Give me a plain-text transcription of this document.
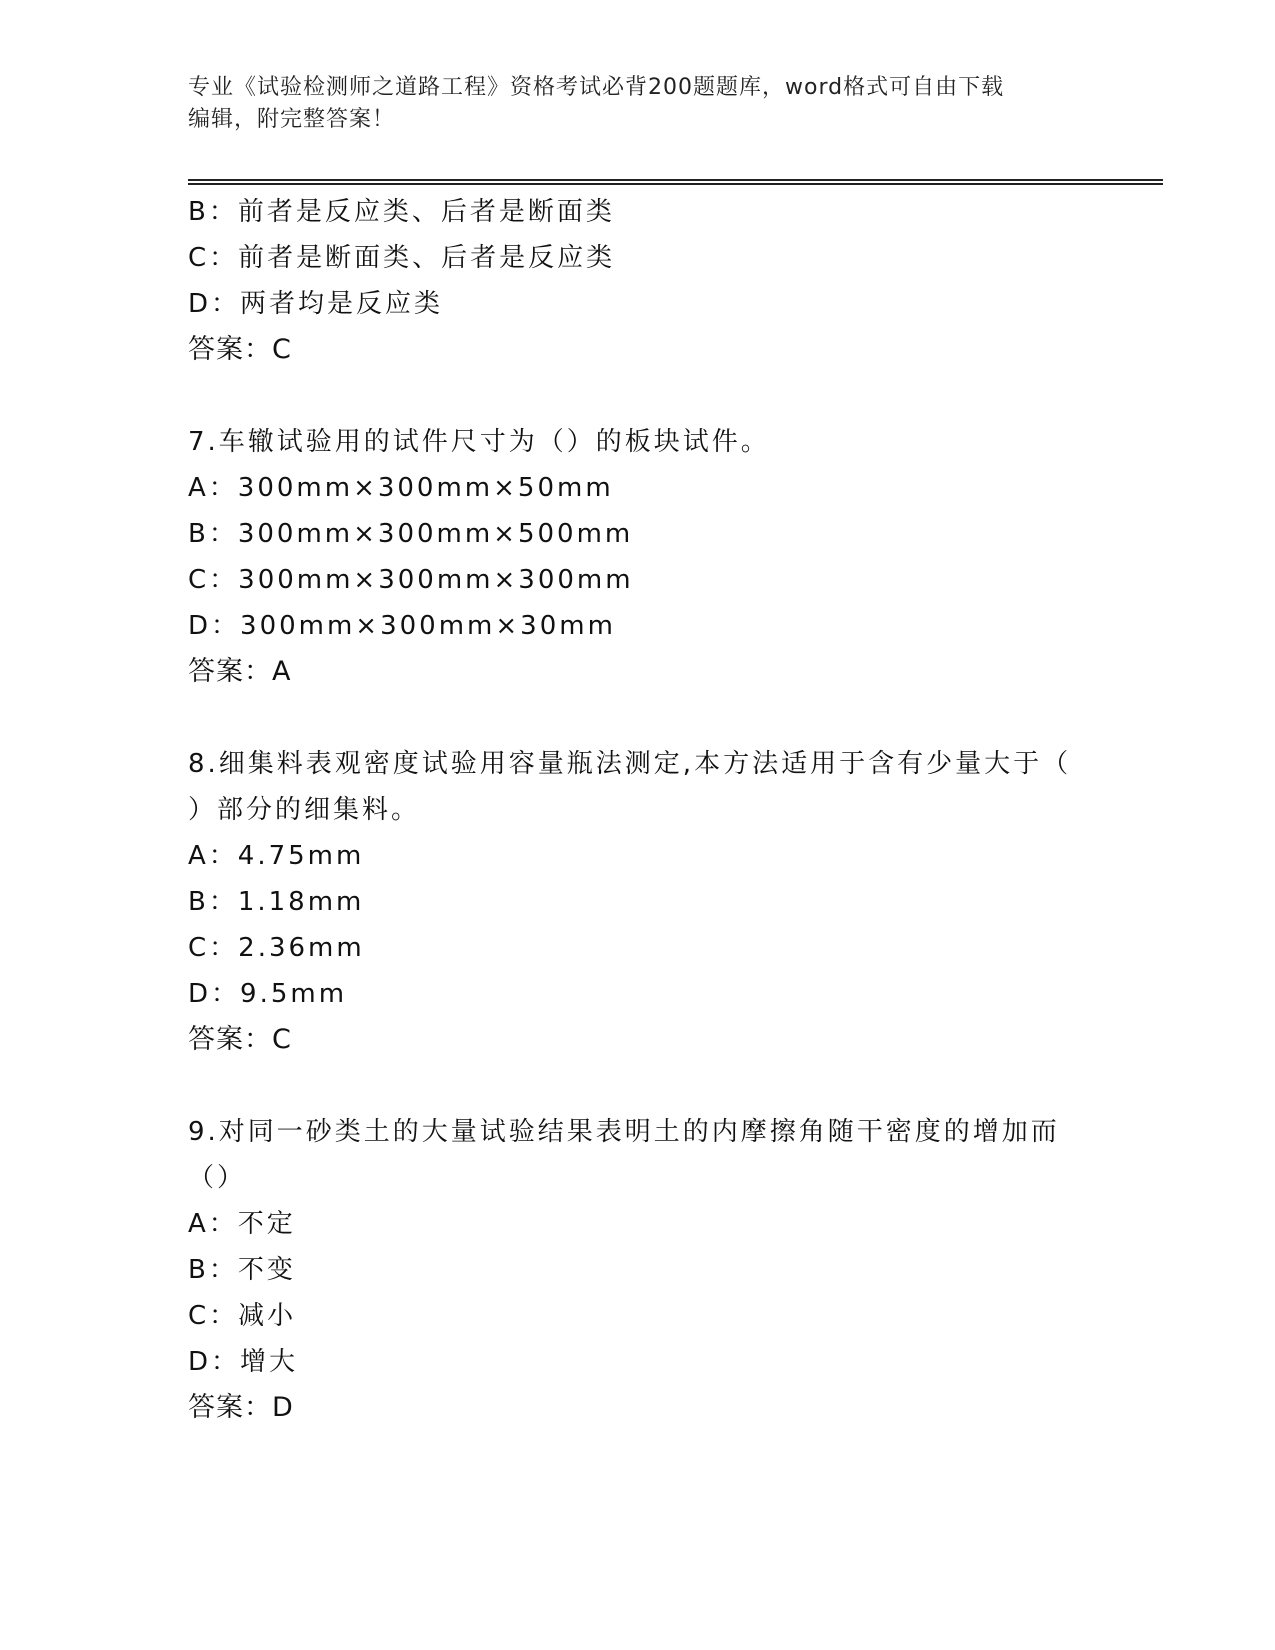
专业《试验检测师之道路工程》资格考试必背200题题库，word格式可自由下载
编辑，附完整答案！
B：前者是反应类、后者是断面类
C：前者是断面类、后者是反应类
D：两者均是反应类
答案：C
7.车辙试验用的试件尺寸为（）的板块试件。
A：300mm×300mm×50mm
B：300mm×300mm×500mm
C：300mm×300mm×300mm
D：300mm×300mm×30mm
答案：A
8.细集料表观密度试验用容量瓶法测定,本方法适用于含有少量大于（
）部分的细集料。
A：4.75mm
B：1.18mm
C：2.36mm
D：9.5mm
答案：C
9.对同一砂类土的大量试验结果表明土的内摩擦角随干密度的增加而
（）
A：不定
B：不变
C：减小
D：增大
答案：D
